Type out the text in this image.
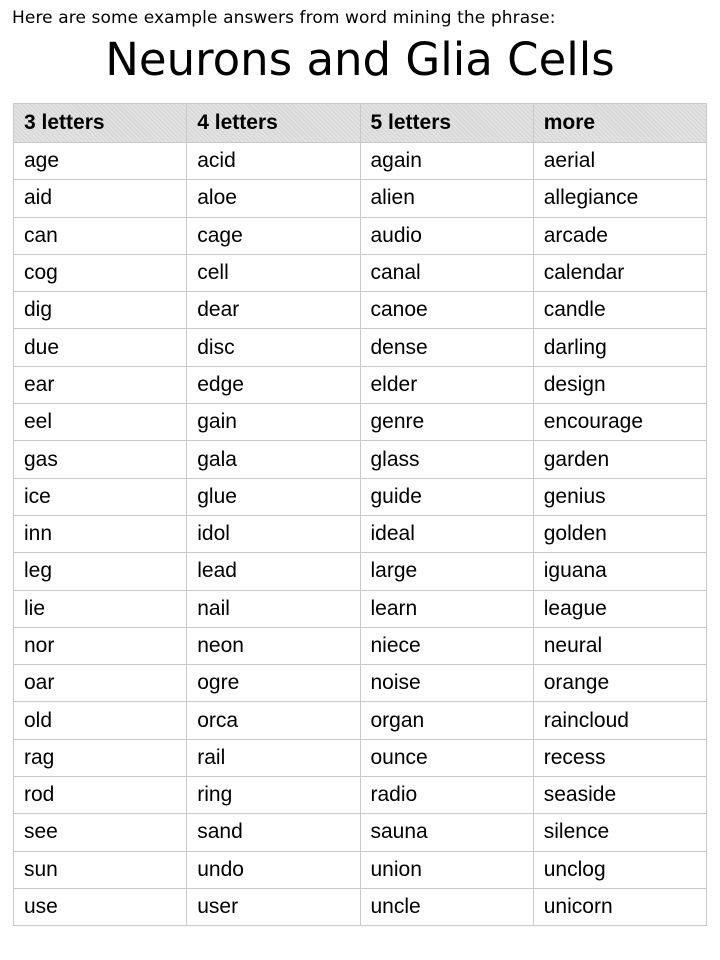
Here are some example answers from word mining the phrase:
Neurons and Glia Cells
3 letters	4 letters	5 letters	more
age	acid	again	aerial
aid	aloe	alien	allegiance
can	cage	audio	arcade
cog	cell	canal	calendar
dig	dear	canoe	candle
due	disc	dense	darling
ear	edge	elder	design
eel	gain	genre	encourage
gas	gala	glass	garden
ice	glue	guide	genius
inn	idol	ideal	golden
leg	lead	large	iguana
lie	nail	learn	league
nor	neon	niece	neural
oar	ogre	noise	orange
old	orca	organ	raincloud
rag	rail	ounce	recess
rod	ring	radio	seaside
see	sand	sauna	silence
sun	undo	union	unclog
use	user	uncle	unicorn
